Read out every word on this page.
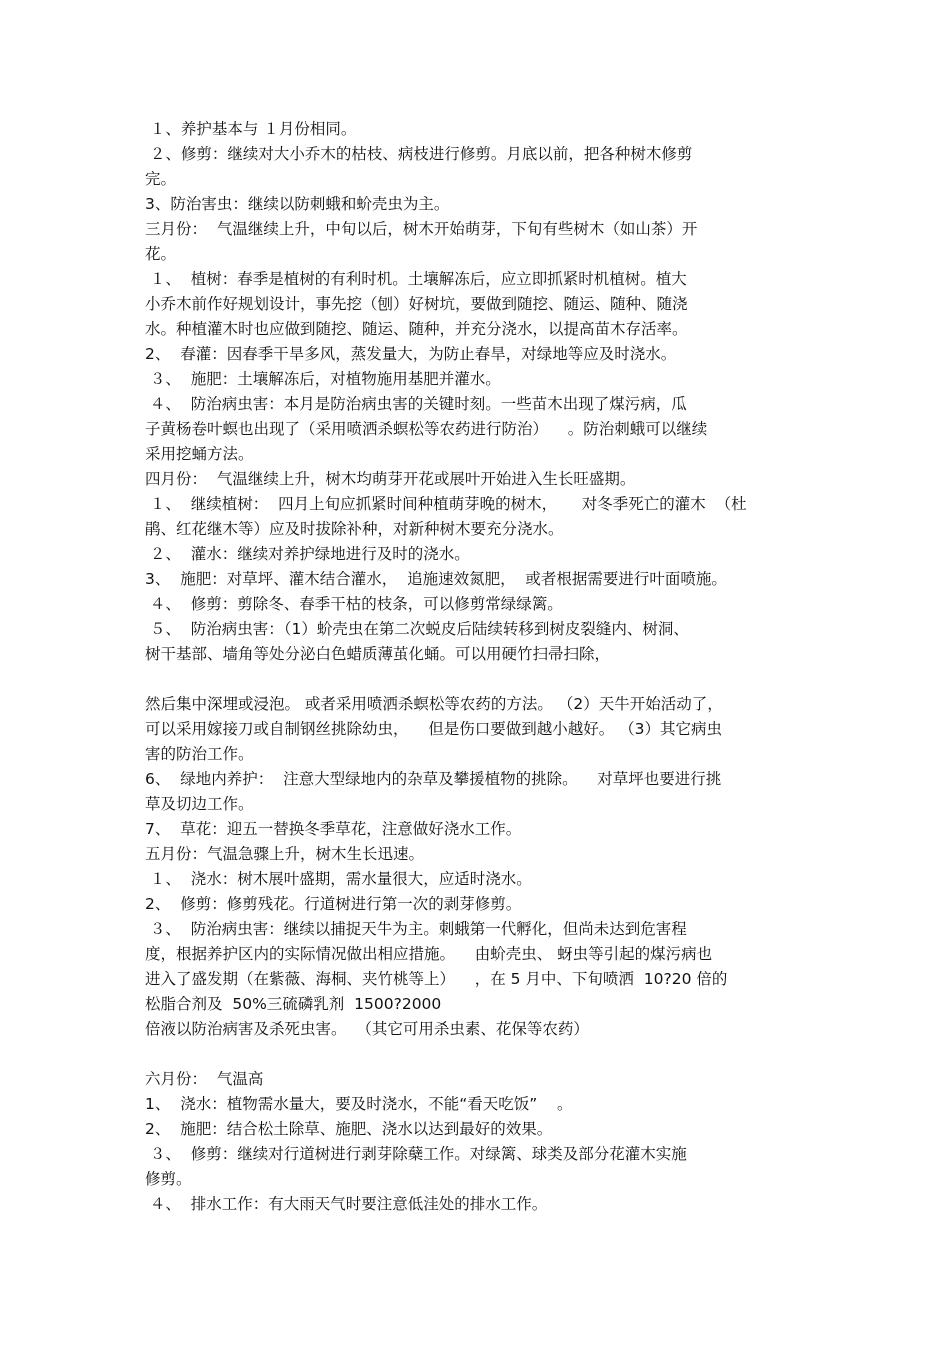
１、养护基本与 １月份相同。
２、修剪：继续对大小乔木的枯枝、病枝进行修剪。月底以前，把各种树木修剪
完。
3、防治害虫：继续以防刺蛾和蚧壳虫为主。
三月份：  气温继续上升，中旬以后，树木开始萌芽，下旬有些树木（如山茶）开
花。
１、  植树：春季是植树的有利时机。土壤解冻后，应立即抓紧时机植树。植大
小乔木前作好规划设计，事先挖（刨）好树坑，要做到随挖、随运、随种、随浇
水。种植灌木时也应做到随挖、随运、随种，并充分浇水，以提高苗木存活率。
2、  春灌：因春季干旱多风，蒸发量大，为防止春旱，对绿地等应及时浇水。
３、  施肥：土壤解冻后，对植物施用基肥并灌水。
４、  防治病虫害：本月是防治病虫害的关键时刻。一些苗木出现了煤污病，瓜
子黄杨卷叶螟也出现了（采用喷洒杀螟松等农药进行防治）    。防治刺蛾可以继续
采用挖蛹方法。
四月份：  气温继续上升，树木均萌芽开花或展叶开始进入生长旺盛期。
１、  继续植树：  四月上旬应抓紧时间种植萌芽晚的树木，     对冬季死亡的灌木  （杜
鹃、红花继木等）应及时拔除补种，对新种树木要充分浇水。
２、  灌水：继续对养护绿地进行及时的浇水。
3、  施肥：对草坪、灌木结合灌水，  追施速效氮肥，  或者根据需要进行叶面喷施。
４、  修剪：剪除冬、春季干枯的枝条，可以修剪常绿绿篱。
５、  防治病虫害：（1）蚧壳虫在第二次蜕皮后陆续转移到树皮裂缝内、树洞、
树干基部、墙角等处分泌白色蜡质薄茧化蛹。可以用硬竹扫帚扫除，
然后集中深埋或浸泡。 或者采用喷洒杀螟松等农药的方法。 （2）天牛开始活动了，
可以采用嫁接刀或自制钢丝挑除幼虫，    但是伤口要做到越小越好。 （3）其它病虫
害的防治工作。
6、  绿地内养护：  注意大型绿地内的杂草及攀援植物的挑除。    对草坪也要进行挑
草及切边工作。
7、  草花：迎五一替换冬季草花，注意做好浇水工作。
五月份：气温急骤上升，树木生长迅速。
１、  浇水：树木展叶盛期，需水量很大，应适时浇水。
2、  修剪：修剪残花。行道树进行第一次的剥芽修剪。
３、  防治病虫害：继续以捕捉天牛为主。刺蛾第一代孵化，但尚未达到危害程
度，根据养护区内的实际情况做出相应措施。    由蚧壳虫、 蚜虫等引起的煤污病也
进入了盛发期（在紫薇、海桐、夹竹桃等上）    ，在 5 月中、下旬喷洒  10?20 倍的
松脂合剂及  50%三硫磷乳剂  1500?2000
倍液以防治病害及杀死虫害。  （其它可用杀虫素、花保等农药）
六月份：  气温高
1、  浇水：植物需水量大，要及时浇水，不能“看天吃饭”    。
2、  施肥：结合松土除草、施肥、浇水以达到最好的效果。
３、  修剪：继续对行道树进行剥芽除蘖工作。对绿篱、球类及部分花灌木实施
修剪。
４、  排水工作：有大雨天气时要注意低洼处的排水工作。
